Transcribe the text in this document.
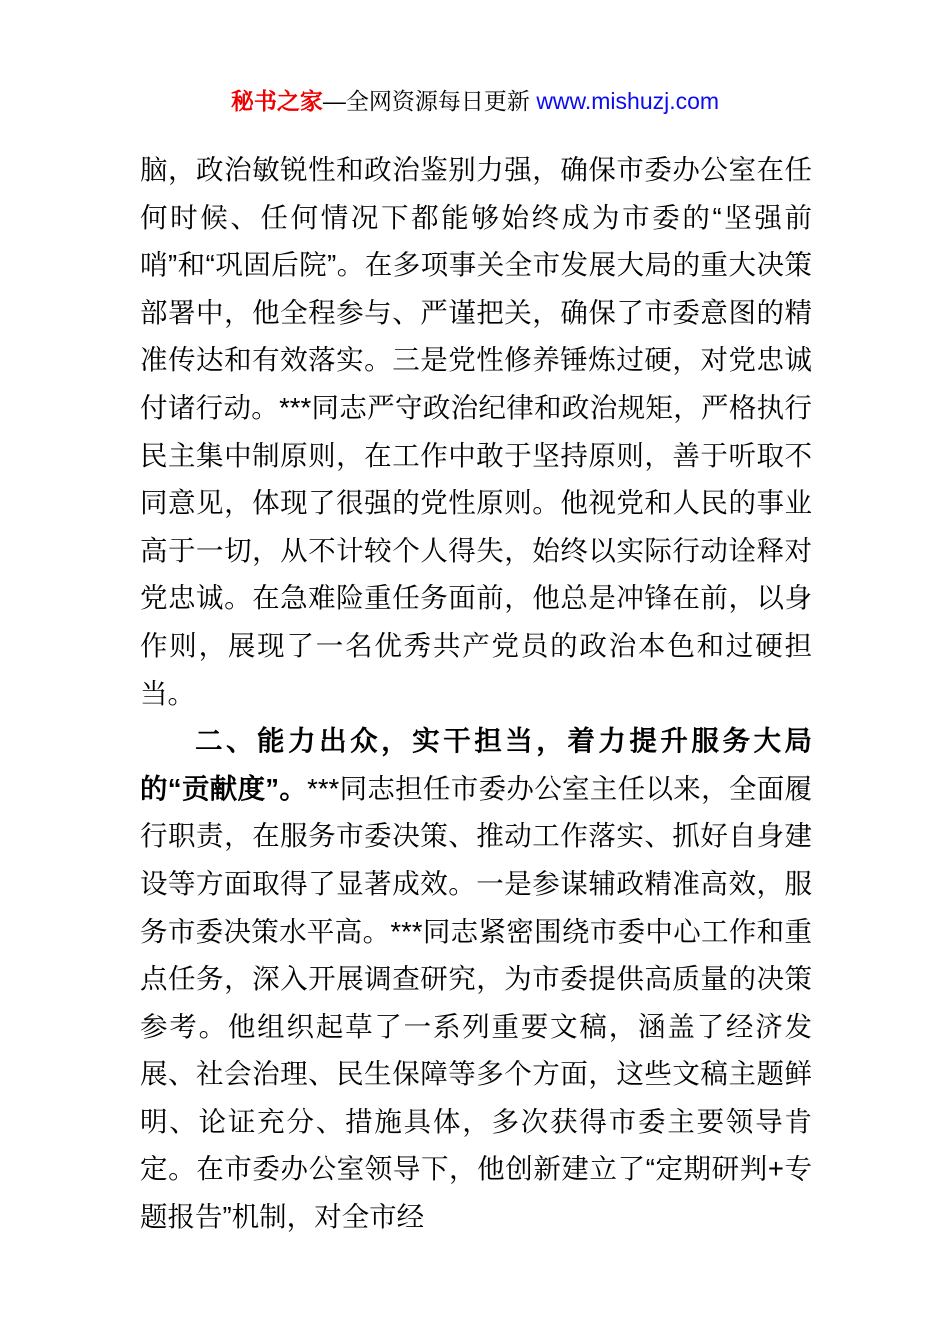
秘书之家—全网资源每日更新 www.mishuzj.com

脑，政治敏锐性和政治鉴别力强，确保市委办公室在任何时候、任何情况下都能够始终成为市委的“坚强前哨”和“巩固后院”。在多项事关全市发展大局的重大决策部署中，他全程参与、严谨把关，确保了市委意图的精准传达和有效落实。三是党性修养锤炼过硬，对党忠诚付诸行动。***同志严守政治纪律和政治规矩，严格执行民主集中制原则，在工作中敢于坚持原则，善于听取不同意见，体现了很强的党性原则。他视党和人民的事业高于一切，从不计较个人得失，始终以实际行动诠释对党忠诚。在急难险重任务面前，他总是冲锋在前，以身作则，展现了一名优秀共产党员的政治本色和过硬担当。

二、能力出众，实干担当，着力提升服务大局的“贡献度”。***同志担任市委办公室主任以来，全面履行职责，在服务市委决策、推动工作落实、抓好自身建设等方面取得了显著成效。一是参谋辅政精准高效，服务市委决策水平高。***同志紧密围绕市委中心工作和重点任务，深入开展调查研究，为市委提供高质量的决策参考。他组织起草了一系列重要文稿，涵盖了经济发展、社会治理、民生保障等多个方面，这些文稿主题鲜明、论证充分、措施具体，多次获得市委主要领导肯定。在市委办公室领导下，他创新建立了“定期研判+专题报告”机制，对全市经
